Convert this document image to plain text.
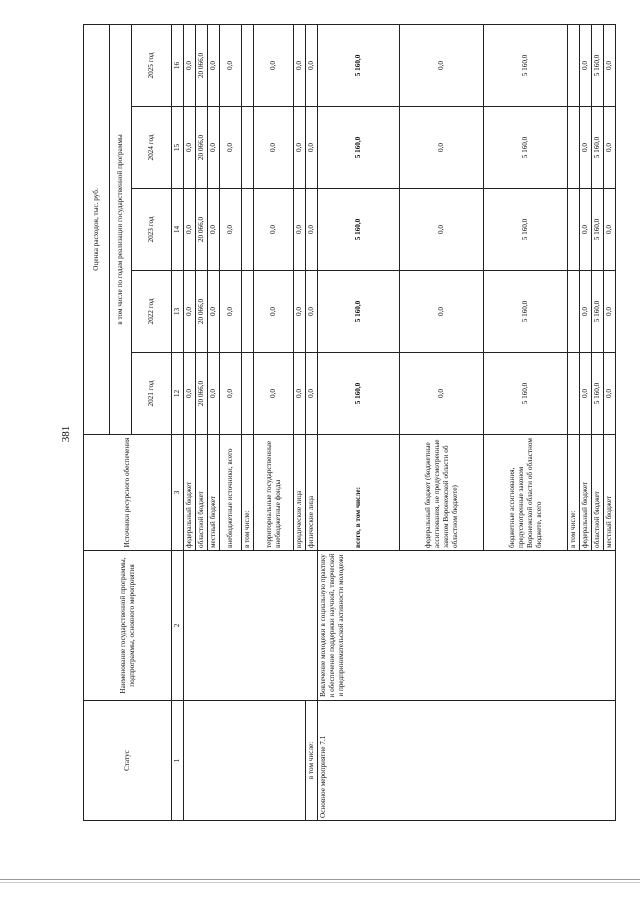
381
Статус	Наименование государственной программы, подпрограммы, основного мероприятия	Источники ресурсного обеспечения	Оценка расходов, тыс. руб.				
			в том числе по годам реализации государственной программы				
			2021 год	2022 год	2023 год	2024 год	2025 год
1	2	3	12	13	14	15	16
		федеральный бюджет	0,0	0,0	0,0	0,0	0,0
		областной бюджет	20 066,0	20 066,0	20 066,0	20 066,0	20 066,0
		местный бюджет	0,0	0,0	0,0	0,0	0,0
		внебюджетные источники, всего	0,0	0,0	0,0	0,0	0,0
		в том числе:					
		территориальные государственные внебюджетные фонды	0,0	0,0	0,0	0,0	0,0
		юридические лица	0,0	0,0	0,0	0,0	0,0
в том числе:		физические лица	0,0	0,0	0,0	0,0	0,0
Основное мероприятие 7.1	Вовлечение молодежи в социальную практику и обеспечение поддержки научной, творческой и предпринимательской активности молодежи	всего, в том числе:	5 160,0	5 160,0	5 160,0	5 160,0	5 160,0
		федеральный бюджет (бюджетные ассигнования, не предусмотренные законом Воронежской области об областном бюджете)	0,0	0,0	0,0	0,0	0,0
		бюджетные ассигнования, предусмотренные законом Воронежской области об областном бюджете, всего	5 160,0	5 160,0	5 160,0	5 160,0	5 160,0
		в том числе:					
		федеральный бюджет	0,0	0,0	0,0	0,0	0,0
		областной бюджет	5 160,0	5 160,0	5 160,0	5 160,0	5 160,0
		местный бюджет	0,0	0,0	0,0	0,0	0,0
